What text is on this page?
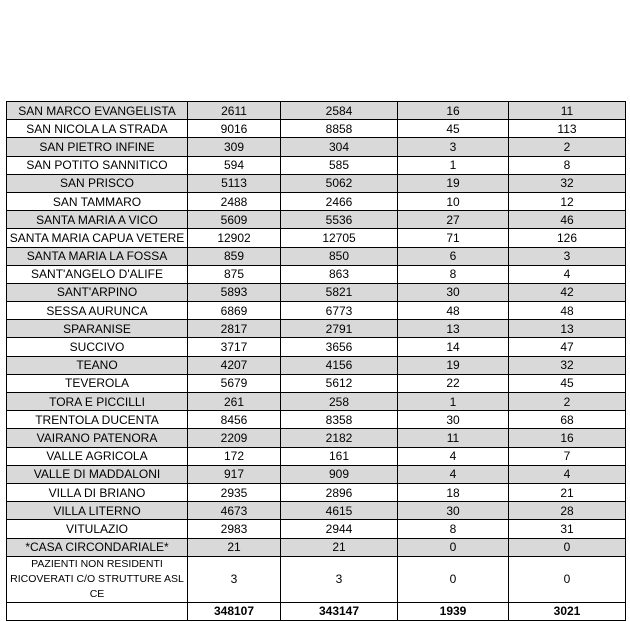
SAN MARCO EVANGELISTA	2611	2584	16	11
SAN NICOLA LA STRADA	9016	8858	45	113
SAN PIETRO INFINE	309	304	3	2
SAN POTITO SANNITICO	594	585	1	8
SAN PRISCO	5113	5062	19	32
SAN TAMMARO	2488	2466	10	12
SANTA MARIA A VICO	5609	5536	27	46
SANTA MARIA CAPUA VETERE	12902	12705	71	126
SANTA MARIA LA FOSSA	859	850	6	3
SANT'ANGELO D'ALIFE	875	863	8	4
SANT'ARPINO	5893	5821	30	42
SESSA AURUNCA	6869	6773	48	48
SPARANISE	2817	2791	13	13
SUCCIVO	3717	3656	14	47
TEANO	4207	4156	19	32
TEVEROLA	5679	5612	22	45
TORA E PICCILLI	261	258	1	2
TRENTOLA DUCENTA	8456	8358	30	68
VAIRANO PATENORA	2209	2182	11	16
VALLE AGRICOLA	172	161	4	7
VALLE DI MADDALONI	917	909	4	4
VILLA DI BRIANO	2935	2896	18	21
VILLA LITERNO	4673	4615	30	28
VITULAZIO	2983	2944	8	31
*CASA CIRCONDARIALE*	21	21	0	0
PAZIENTI NON RESIDENTI RICOVERATI C/O STRUTTURE ASL CE	3	3	0	0
	348107	343147	1939	3021
